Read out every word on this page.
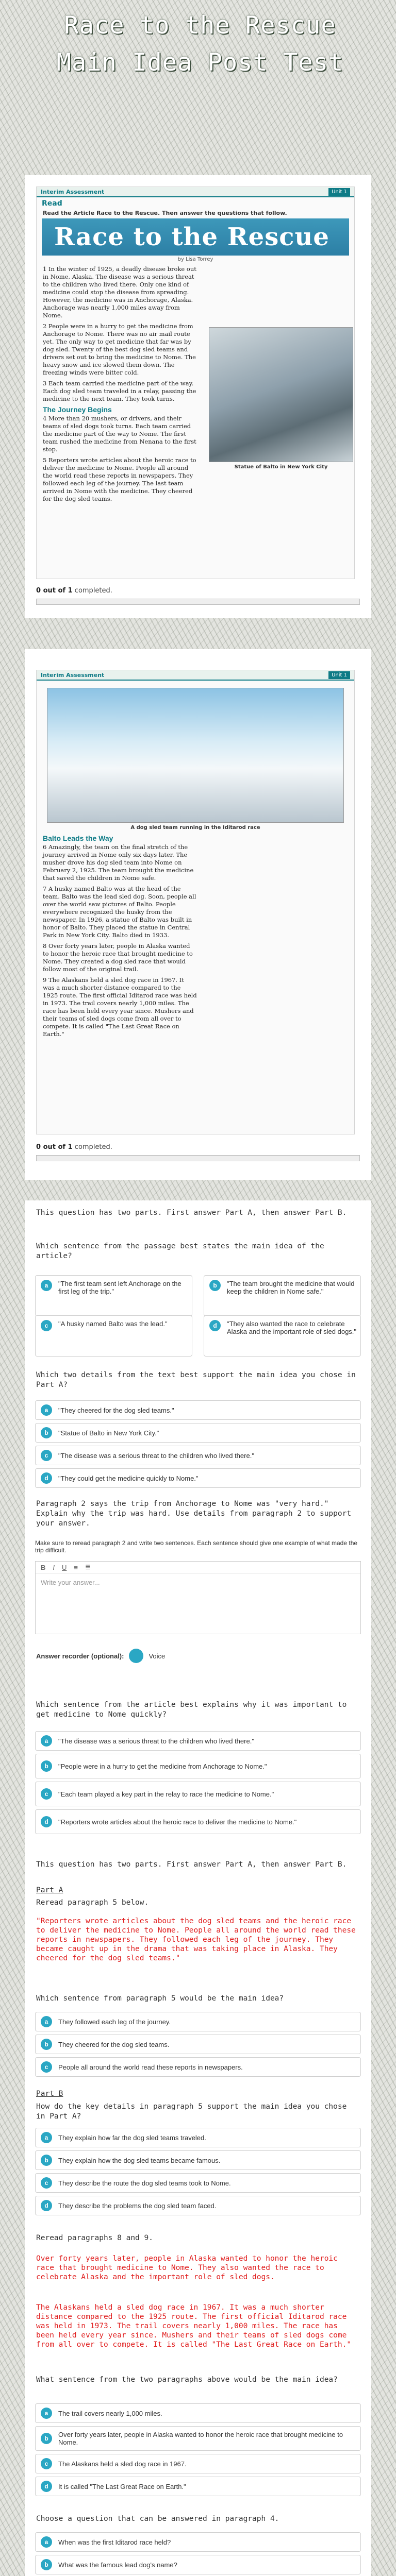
Race to the Rescue Main Idea Post Test
Interim Assessment	Unit 1
Read
Read the Article Race to the Rescue. Then answer the questions that follow.
Race to the Rescue
by Lisa Torrey

1 In the winter of 1925, a deadly disease broke out in Nome, Alaska. The disease was a serious threat to the children who lived there. Only one kind of medicine could stop the disease from spreading. However, the medicine was in Anchorage, Alaska. Anchorage was nearly 1,000 miles away from Nome.

2 People were in a hurry to get the medicine from Anchorage to Nome. There was no air mail route yet. The only way to get medicine that far was by dog sled. Twenty of the best dog sled teams and drivers set out to bring the medicine to Nome. The heavy snow and ice slowed them down. The freezing winds were bitter cold.

3 Each team carried the medicine part of the way. Each dog sled team traveled in a relay, passing the medicine to the next team. They took turns.

The Journey Begins

4 More than 20 mushers, or drivers, and their teams of sled dogs took turns. Each team carried the medicine part of the way to Nome. The first team rushed the medicine from Nenana to the first stop.

5 Reporters wrote articles about the heroic race to deliver the medicine to Nome. People all around the world read these reports in newspapers. They followed each leg of the journey. The last team arrived in Nome with the medicine. They cheered for the dog sled teams.

Statue of Balto in New York City
0 out of 1 completed.
Interim Assessment	Unit 1
A dog sled team running in the Iditarod race
Balto Leads the Way

6 Amazingly, the team on the final stretch of the journey arrived in Nome only six days later. The musher drove his dog sled team into Nome on February 2, 1925. The team brought the medicine that saved the children in Nome safe.

7 A husky named Balto was at the head of the team. Balto was the lead sled dog. Soon, people all over the world saw pictures of Balto. People everywhere recognized the husky from the newspaper. In 1926, a statue of Balto was built in honor of Balto. They placed the statue in Central Park in New York City. Balto died in 1933.

8 Over forty years later, people in Alaska wanted to honor the heroic race that brought medicine to Nome. They created a dog sled race that would follow most of the original trail.

9 The Alaskans held a sled dog race in 1967. It was a much shorter distance compared to the 1925 route. The first official Iditarod race was held in 1973. The trail covers nearly 1,000 miles. The race has been held every year since. Mushers and their teams of sled dogs come from all over to compete. It is called "The Last Great Race on Earth."

0 out of 1 completed.
This question has two parts. First answer Part A, then answer Part B.
Which sentence from the passage best states the main idea of the article?
a	"The first team sent left Anchorage on the first leg of the trip."
b	"The team brought the medicine that would keep the children in Nome safe."
c	"A husky named Balto was the lead."	d	"They also wanted the race to celebrate Alaska and the important role of sled dogs."
Which two details from the text best support the main idea you chose in Part A?
a	"They cheered for the dog sled teams."
b	"Statue of Balto in New York City."
c	"The disease was a serious threat to the children who lived there."
d	"They could get the medicine quickly to Nome."
Paragraph 2 says the trip from Anchorage to Nome was "very hard." Explain why the trip was hard. Use details from paragraph 2 to support your answer.
Make sure to reread paragraph 2 and write two sentences. Each sentence should give one example of what made the trip difficult.
B I U ≡ ≣
Write your answer...
Answer recorder (optional):	Voice
Which sentence from the article best explains why it was important to get medicine to Nome quickly?
a	"The disease was a serious threat to the children who lived there."
b	"People were in a hurry to get the medicine from Anchorage to Nome."
c	"Each team played a key part in the relay to race the medicine to Nome."
d	"Reporters wrote articles about the heroic race to deliver the medicine to Nome."
This question has two parts. First answer Part A, then answer Part B.
Part A
Reread paragraph 5 below.
"Reporters wrote articles about the dog sled teams and the heroic race to deliver the medicine to Nome. People all around the world read these reports in newspapers. They followed each leg of the journey. They became caught up in the drama that was taking place in Alaska. They cheered for the dog sled teams."
Which sentence from paragraph 5 would be the main idea?
a	They followed each leg of the journey.
b	They cheered for the dog sled teams.
c	People all around the world read these reports in newspapers.
Part B
How do the key details in paragraph 5 support the main idea you chose in Part A?
a	They explain how far the dog sled teams traveled.
b	They explain how the dog sled teams became famous.
c	They describe the route the dog sled teams took to Nome.
d	They describe the problems the dog sled team faced.
Reread paragraphs 8 and 9.
Over forty years later, people in Alaska wanted to honor the heroic race that brought medicine to Nome. They also wanted the race to celebrate Alaska and the important role of sled dogs.
The Alaskans held a sled dog race in 1967. It was a much shorter distance compared to the 1925 route. The first official Iditarod race was held in 1973. The trail covers nearly 1,000 miles. The race has been held every year since. Mushers and their teams of sled dogs come from all over to compete. It is called "The Last Great Race on Earth."
What sentence from the two paragraphs above would be the main idea?
a	The trail covers nearly 1,000 miles.
b	Over forty years later, people in Alaska wanted to honor the heroic race that brought medicine to Nome.
c	The Alaskans held a sled dog race in 1967.
d	It is called "The Last Great Race on Earth."
Choose a question that can be answered in paragraph 4.
a	When was the first Iditarod race held?
b	What was the famous lead dog's name?
